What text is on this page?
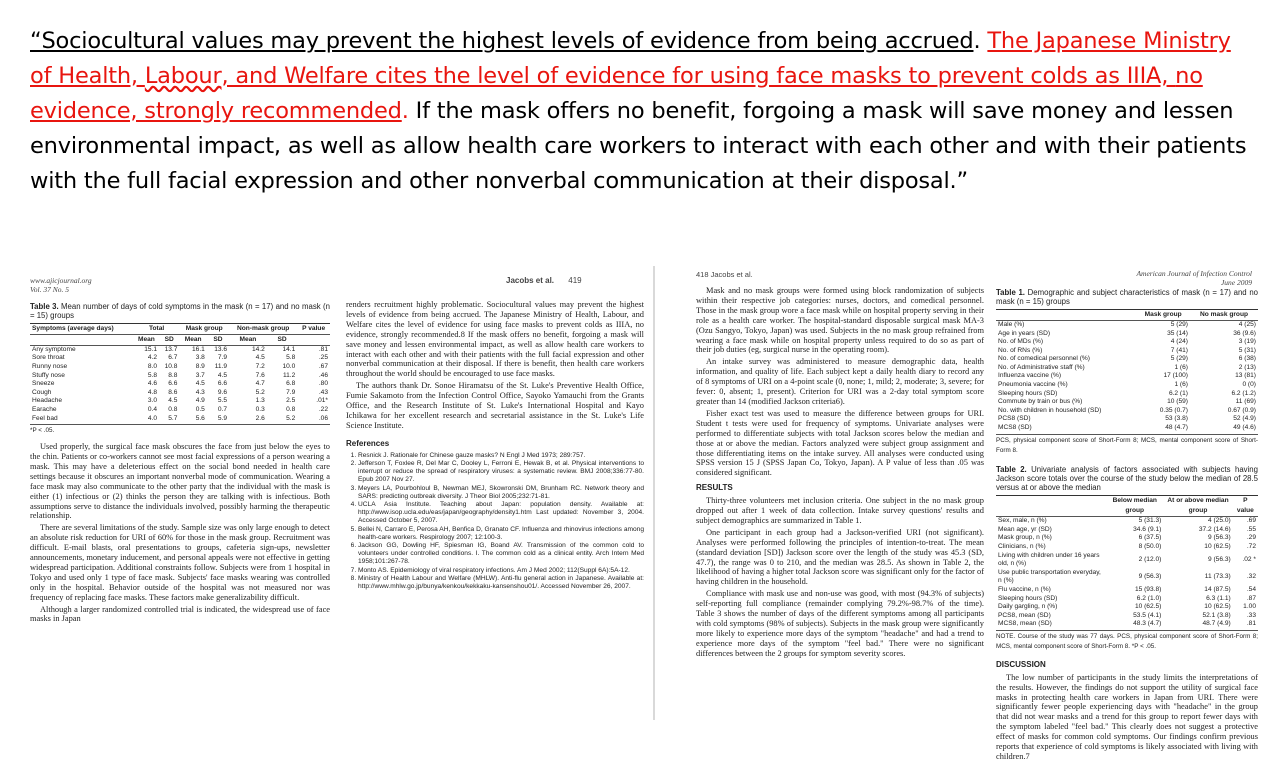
“Sociocultural values may prevent the highest levels of evidence from being accrued. The Japanese Ministry of Health, Labour, and Welfare cites the level of evidence for using face masks to prevent colds as IIIA, no evidence, strongly recommended. If the mask offers no benefit, forgoing a mask will save money and lessen environmental impact, as well as allow health care workers to interact with each other and with their patients with the full facial expression and other nonverbal communication at their disposal.”
www.ajicjournal.org
Vol. 37 No. 5
Jacobs et al. 419
Table 3. Mean number of days of cold symptoms in the mask (n = 17) and no mask (n = 15) groups
Symptoms (average days)	Total		Mask group		Non-mask group		P value
	Mean	SD	Mean	SD	Mean	SD	
Any symptome	15.1	13.7	16.1	13.6	14.2	14.1	.81
Sore throat	4.2	6.7	3.8	7.9	4.5	5.8	.25
Runny nose	8.0	10.8	8.9	11.9	7.2	10.0	.67
Stuffy nose	5.8	8.8	3.7	4.5	7.6	11.2	.46
Sneeze	4.6	6.6	4.5	6.6	4.7	6.8	.80
Cough	4.8	8.6	4.3	9.6	5.2	7.9	.43
Headache	3.0	4.5	4.9	5.5	1.3	2.5	.01*
Earache	0.4	0.8	0.5	0.7	0.3	0.8	.22
Feel bad	4.0	5.7	5.6	5.9	2.6	5.2	.06
*P < .05.

Used properly, the surgical face mask obscures the face from just below the eyes to the chin. Patients or co-workers cannot see most facial expressions of a person wearing a mask. This may have a deleterious effect on the social bond needed in health care settings because it obscures an important nonverbal mode of communication. Wearing a face mask may also communicate to the other party that the individual with the mask is either (1) infectious or (2) thinks the person they are talking with is infectious. Both assumptions serve to distance the individuals involved, possibly harming the therapeutic relationship.

There are several limitations of the study. Sample size was only large enough to detect an absolute risk reduction for URI of 60% for those in the mask group. Recruitment was difficult. E-mail blasts, oral presentations to groups, cafeteria sign-ups, newsletter announcements, monetary inducement, and personal appeals were not effective in getting widespread participation. Additional constraints follow. Subjects were from 1 hospital in Tokyo and used only 1 type of face mask. Subjects' face masks wearing was controlled only in the hospital. Behavior outside of the hospital was not measured nor was frequency of replacing face masks. These factors make generalizability difficult.

Although a larger randomized controlled trial is indicated, the widespread use of face masks in Japan

renders recruitment highly problematic. Sociocultural values may prevent the highest levels of evidence from being accrued. The Japanese Ministry of Health, Labour, and Welfare cites the level of evidence for using face masks to prevent colds as IIIA, no evidence, strongly recommended.8 If the mask offers no benefit, forgoing a mask will save money and lessen environmental impact, as well as allow health care workers to interact with each other and with their patients with the full facial expression and other nonverbal communication at their disposal. If there is benefit, then health care workers throughout the world should be encouraged to use face masks.

The authors thank Dr. Sonoe Hiramatsu of the St. Luke's Preventive Health Office, Fumie Sakamoto from the Infection Control Office, Sayoko Yamauchi from the Grants Office, and the Research Institute of St. Luke's International Hospital and Kayo Ichikawa for her excellent research and secretarial assistance in the St. Luke's Life Science Institute.

References
1. Resnick J. Rationale for Chinese gauze masks? N Engl J Med 1973; 289:757.
2. Jefferson T, Foxlee R, Del Mar C, Dooley L, Ferroni E, Hewak B, et al. Physical interventions to interrupt or reduce the spread of respiratory viruses: a systematic review. BMJ 2008;336:77-80. Epub 2007 Nov 27.
3. Meyers LA, Pourbohloul B, Newman MEJ, Skowronski DM, Brunham RC. Network theory and SARS: predicting outbreak diversity. J Theor Biol 2005;232:71-81.
4. UCLA Asia Institute. Teaching about Japan: population density. Available at: http://www.isop.ucla.edu/eas/japan/geography/density1.htm Last updated: November 3, 2004. Accessed October 5, 2007.
5. Bellei N, Carraro E, Perosa AH, Benfica D, Granato CF. Influenza and rhinovirus infections among health-care workers. Respirology 2007; 12:100-3.
6. Jackson GG, Dowling HF, Spiesman IG, Boand AV. Transmission of the common cold to volunteers under controlled conditions. I. The common cold as a clinical entity. Arch Intern Med 1958;101:267-78.
7. Monto AS. Epidemiology of viral respiratory infections. Am J Med 2002; 112(Suppl 6A):5A-12.
8. Ministry of Health Labour and Welfare (MHLW). Anti-flu general action in Japanese. Available at: http://www.mhlw.go.jp/bunya/kenkou/kekkaku-kansenshou01/. Accessed November 26, 2007.
418 Jacobs et al.	American Journal of Infection Control
June 2009

Mask and no mask groups were formed using block randomization of subjects within their respective job categories: nurses, doctors, and comedical personnel. Those in the mask group wore a face mask while on hospital property serving in their role as a health care worker. The hospital-standard disposable surgical mask MA-3 (Ozu Sangyo, Tokyo, Japan) was used. Subjects in the no mask group refrained from wearing a face mask while on hospital property unless required to do so as part of their job duties (eg, surgical nurse in the operating room).

An intake survey was administered to measure demographic data, health information, and quality of life. Each subject kept a daily health diary to record any of 8 symptoms of URI on a 4-point scale (0, none; 1, mild; 2, moderate; 3, severe; for fever: 0, absent; 1, present). Criterion for URI was a 2-day total symptom score greater than 14 (modified Jackson criteria6).

Fisher exact test was used to measure the difference between groups for URI. Student t tests were used for frequency of symptoms. Univariate analyses were performed to differentiate subjects with total Jackson scores below the median and those at or above the median. Factors analyzed were subject group assignment and those differentiating items on the intake survey. All analyses were conducted using SPSS version 15 J (SPSS Japan Co, Tokyo, Japan). A P value of less than .05 was considered significant.

RESULTS

Thirty-three volunteers met inclusion criteria. One subject in the no mask group dropped out after 1 week of data collection. Intake survey questions' results and subject demographics are summarized in Table 1.

One participant in each group had a Jackson-verified URI (not significant). Analyses were performed following the principles of intention-to-treat. The mean (standard deviation [SD]) Jackson score over the length of the study was 45.3 (SD, 47.7), the range was 0 to 210, and the median was 28.5. As shown in Table 2, the likelihood of having a higher total Jackson score was significant only for the factor of having children in the household.

Compliance with mask use and non-use was good, with most (94.3% of subjects) self-reporting full compliance (remainder complying 79.2%-98.7% of the time). Table 3 shows the number of days of the different symptoms among all participants with cold symptoms (98% of subjects). Subjects in the mask group were significantly more likely to experience more days of the symptom "headache" and had a trend to experience more days of the symptom "feel bad." There were no significant differences between the 2 groups for symptom severity scores.

Table 1. Demographic and subject characteristics of mask (n = 17) and no mask (n = 15) groups
	Mask group	No mask group
Male (%)	5 (29)	4 (25)
Age in years (SD)	35 (14)	36 (9.6)
No. of MDs (%)	4 (24)	3 (19)
No. of RNs (%)	7 (41)	5 (31)
No. of comedical personnel (%)	5 (29)	6 (38)
No. of Administrative staff (%)	1 (6)	2 (13)
Influenza vaccine (%)	17 (100)	13 (81)
Pneumonia vaccine (%)	1 (6)	0 (0)
Sleeping hours (SD)	6.2 (1)	6.2 (1.2)
Commute by train or bus (%)	10 (59)	11 (69)
No. with children in household (SD)	0.35 (0.7)	0.67 (0.9)
PCS8 (SD)	53 (3.8)	52 (4.9)
MCS8 (SD)	48 (4.7)	49 (4.6)
PCS, physical component score of Short-Form 8; MCS, mental component score of Short-Form 8.
Table 2. Univariate analysis of factors associated with subjects having Jackson score totals over the course of the study below the median of 28.5 versus at or above the median
	Below median group	At or above median group	P value
Sex, male, n (%)	5 (31.3)	4 (25.0)	.69
Mean age, yr (SD)	34.6 (9.1)	37.2 (14.6)	.55
Mask group, n (%)	6 (37.5)	9 (56.3)	.29
Clinicians, n (%)	8 (50.0)	10 (62.5)	.72
Living with children under 16 years old, n (%)	2 (12.0)	9 (56.3)	.02 *
Use public transportation everyday, n (%)	9 (56.3)	11 (73.3)	.32
Flu vaccine, n (%)	15 (93.8)	14 (87.5)	.54
Sleeping hours (SD)	6.2 (1.0)	6.3 (1.1)	.87
Daily gargling, n (%)	10 (62.5)	10 (62.5)	1.00
PCS8, mean (SD)	53.5 (4.1)	52.1 (3.8)	.33
MCS8, mean (SD)	48.3 (4.7)	48.7 (4.9)	.81
NOTE. Course of the study was 77 days. PCS, physical component score of Short-Form 8; MCS, mental component score of Short-Form 8. *P < .05.
DISCUSSION

The low number of participants in the study limits the interpretations of the results. However, the findings do not support the utility of surgical face masks in protecting health care workers in Japan from URI. There were significantly fewer people experiencing days with "headache" in the group that did not wear masks and a trend for this group to report fewer days with the symptom labeled "feel bad." This clearly does not suggest a protective effect of masks for common cold symptoms. Our findings confirm previous reports that experience of cold symptoms is likely associated with living with children.7
